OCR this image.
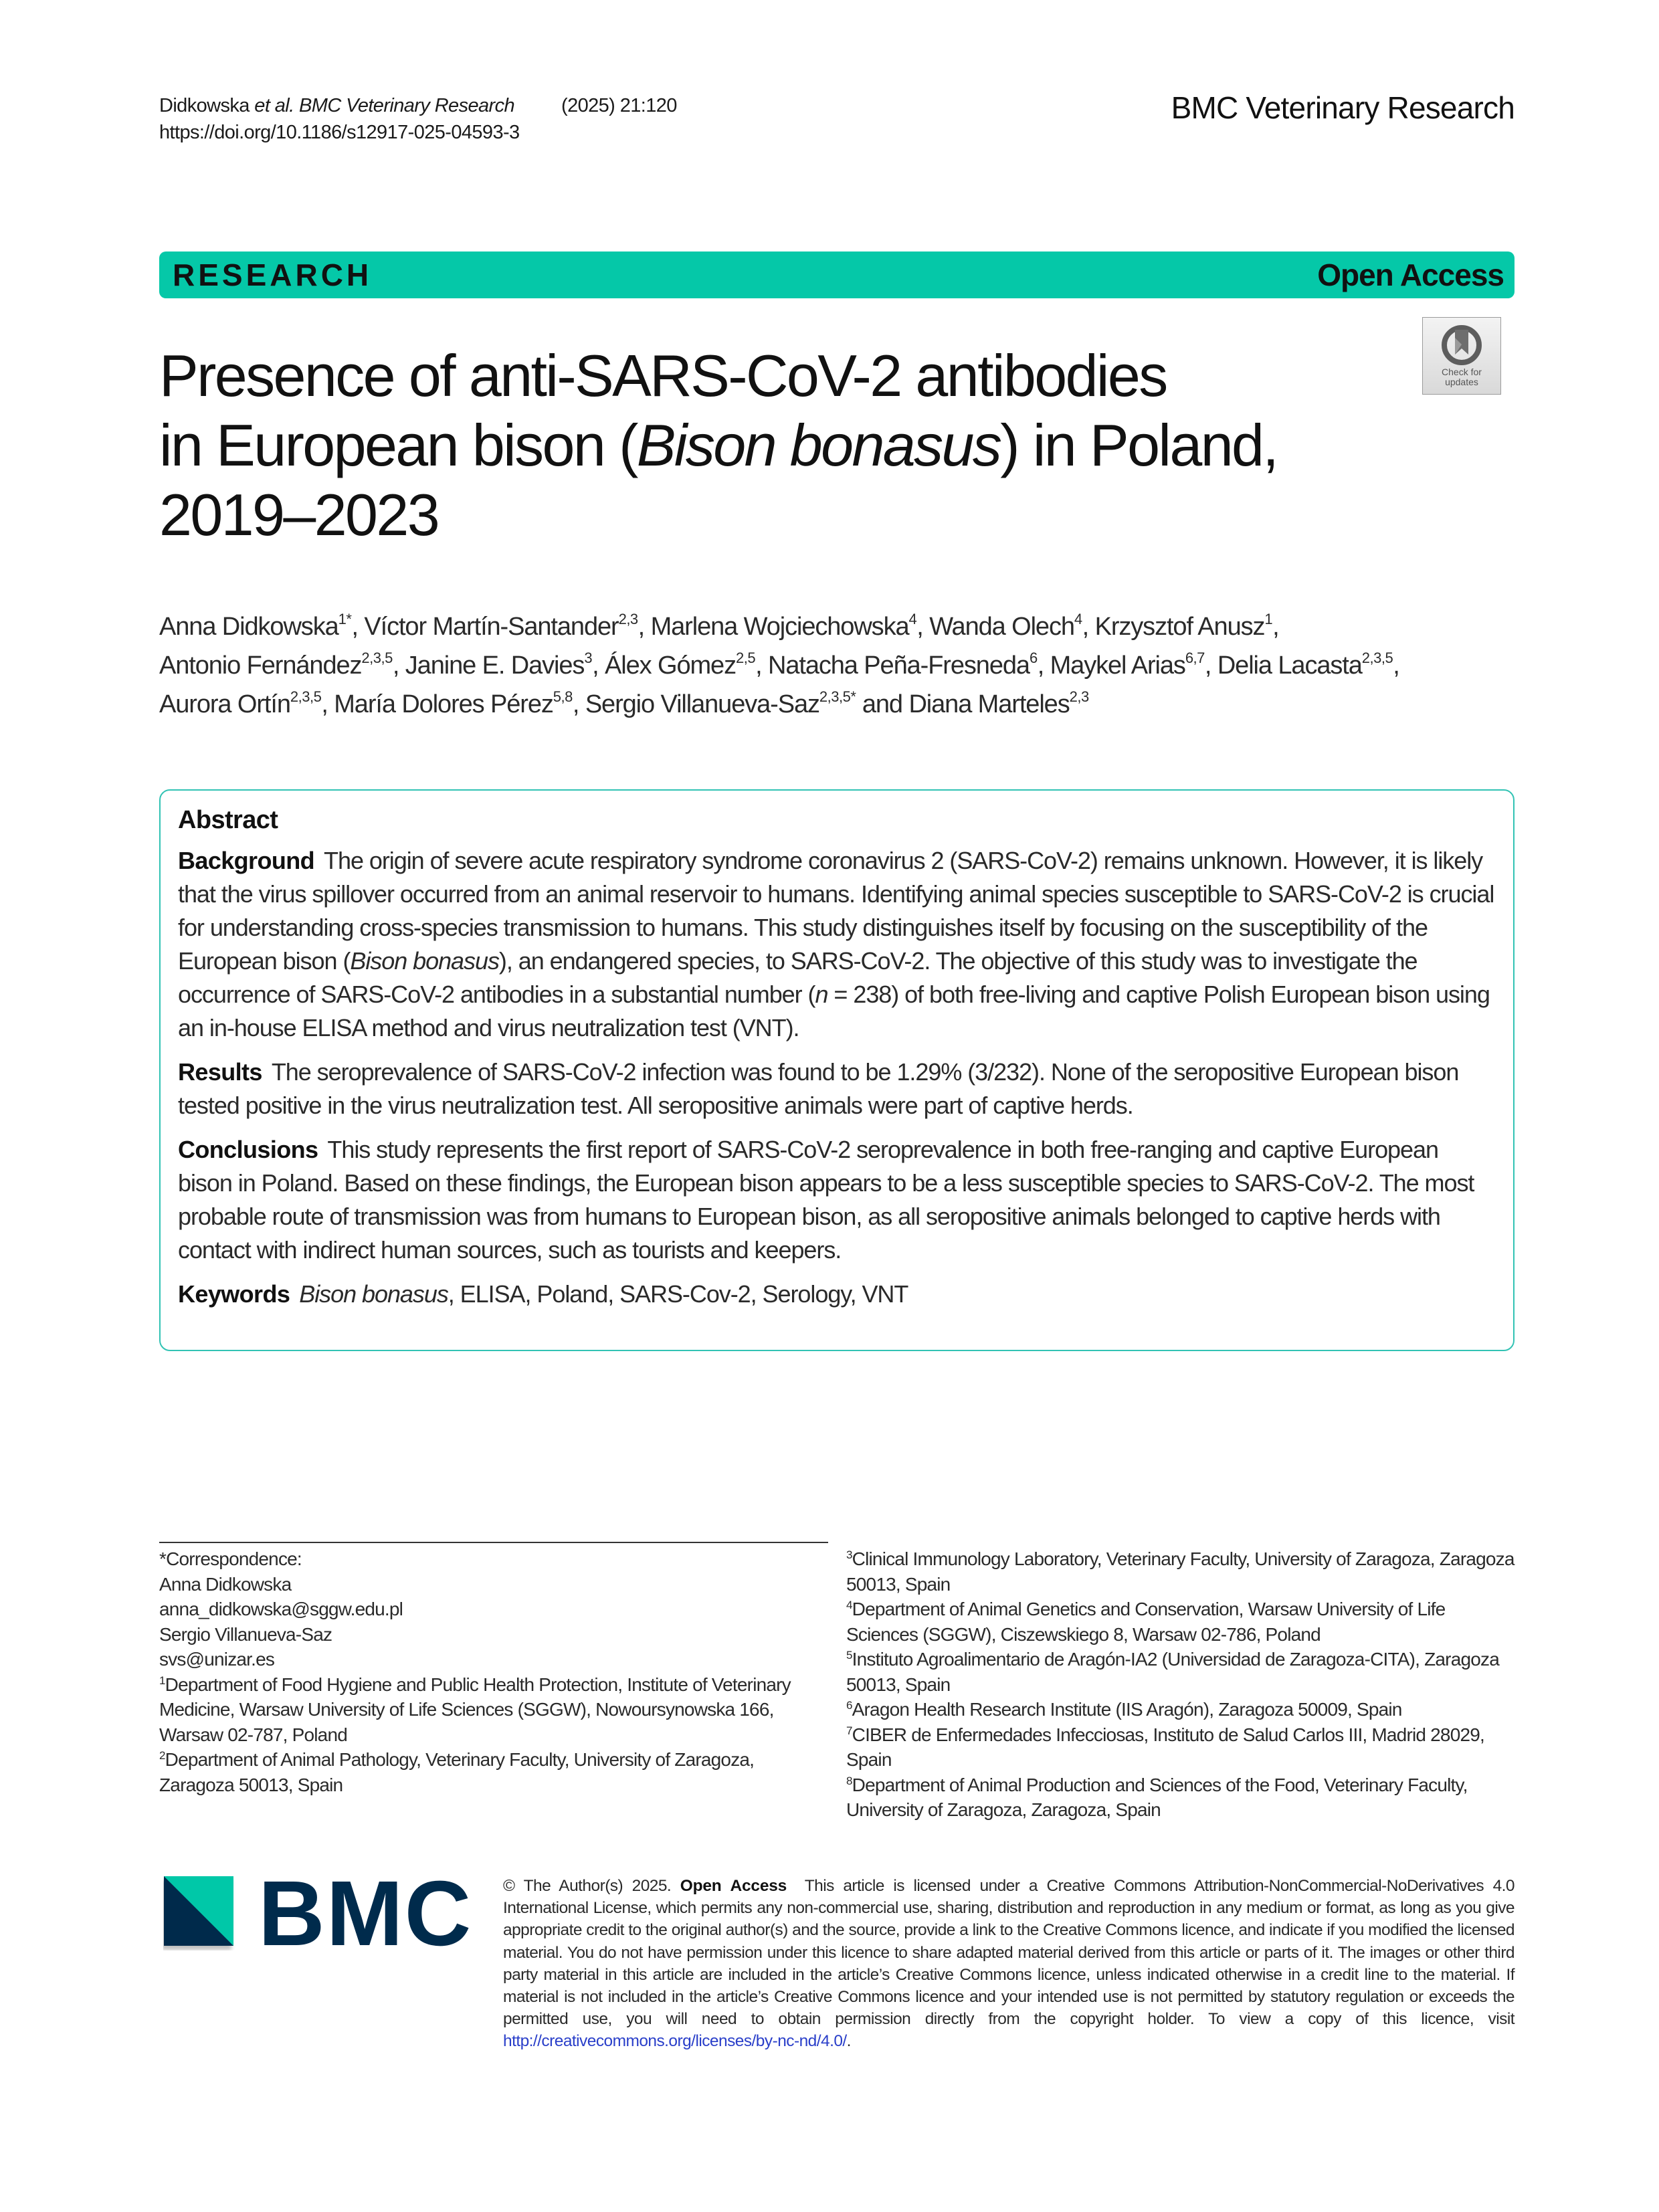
Didkowska et al. BMC Veterinary Research (2025) 21:120
https://doi.org/10.1186/s12917-025-04593-3
BMC Veterinary Research
RESEARCH	Open Access
Check for
updates
Presence of anti-SARS-CoV-2 antibodies
in European bison (Bison bonasus) in Poland,
2019–2023
Anna Didkowska$^{1*}$, Víctor Martín-Santander$^{2,3}$, Marlena Wojciechowska$^4$, Wanda Olech$^4$, Krzysztof Anusz$^1$,
Antonio Fernández$^{2,3,5}$, Janine E. Davies$^3$, Álex Gómez$^{2,5}$, Natacha Peña-Fresneda$^6$, Maykel Arias$^{6,7}$, Delia Lacasta$^{2,3,5}$,
Aurora Ortín$^{2,3,5}$, María Dolores Pérez$^{5,8}$, Sergio Villanueva-Saz$^{2,3,5*}$ and Diana Marteles$^{2,3}$
Abstract

Background The origin of severe acute respiratory syndrome coronavirus 2 (SARS-CoV-2) remains unknown. However, it is likely that the virus spillover occurred from an animal reservoir to humans. Identifying animal species susceptible to SARS-CoV-2 is crucial for understanding cross-species transmission to humans. This study distinguishes itself by focusing on the susceptibility of the European bison (Bison bonasus), an endangered species, to SARS-CoV-2. The objective of this study was to investigate the occurrence of SARS-CoV-2 antibodies in a substantial number (n = 238) of both free-living and captive Polish European bison using an in-house ELISA method and virus neutralization test (VNT).

Results The seroprevalence of SARS-CoV-2 infection was found to be 1.29% (3/232). None of the seropositive European bison tested positive in the virus neutralization test. All seropositive animals were part of captive herds.

Conclusions This study represents the first report of SARS-CoV-2 seroprevalence in both free-ranging and captive European bison in Poland. Based on these findings, the European bison appears to be a less susceptible species to SARS-CoV-2. The most probable route of transmission was from humans to European bison, as all seropositive animals belonged to captive herds with contact with indirect human sources, such as tourists and keepers.

Keywords Bison bonasus, ELISA, Poland, SARS-Cov-2, Serology, VNT

*Correspondence:
Anna Didkowska
anna_didkowska@sggw.edu.pl
Sergio Villanueva-Saz
svs@unizar.es
$^1$Department of Food Hygiene and Public Health Protection, Institute of Veterinary Medicine, Warsaw University of Life Sciences (SGGW), Nowoursynowska 166, Warsaw 02-787, Poland
$^2$Department of Animal Pathology, Veterinary Faculty, University of Zaragoza, Zaragoza 50013, Spain
$^3$Clinical Immunology Laboratory, Veterinary Faculty, University of Zaragoza, Zaragoza 50013, Spain
$^4$Department of Animal Genetics and Conservation, Warsaw University of Life Sciences (SGGW), Ciszewskiego 8, Warsaw 02-786, Poland
$^5$Instituto Agroalimentario de Aragón-IA2 (Universidad de Zaragoza-CITA), Zaragoza 50013, Spain
$^6$Aragon Health Research Institute (IIS Aragón), Zaragoza 50009, Spain
$^7$CIBER de Enfermedades Infecciosas, Instituto de Salud Carlos III, Madrid 28029, Spain
$^8$Department of Animal Production and Sciences of the Food, Veterinary Faculty, University of Zaragoza, Zaragoza, Spain
BMC © The Author(s) 2025. Open Access This article is licensed under a Creative Commons Attribution-NonCommercial-NoDerivatives 4.0 International License, which permits any non-commercial use, sharing, distribution and reproduction in any medium or format, as long as you give appropriate credit to the original author(s) and the source, provide a link to the Creative Commons licence, and indicate if you modified the licensed material. You do not have permission under this licence to share adapted material derived from this article or parts of it. The images or other third party material in this article are included in the article’s Creative Commons licence, unless indicated otherwise in a credit line to the material. If material is not included in the article’s Creative Commons licence and your intended use is not permitted by statutory regulation or exceeds the permitted use, you will need to obtain permission directly from the copyright holder. To view a copy of this licence, visit http://creativecommons.org/licenses/by-nc-nd/4.0/.
